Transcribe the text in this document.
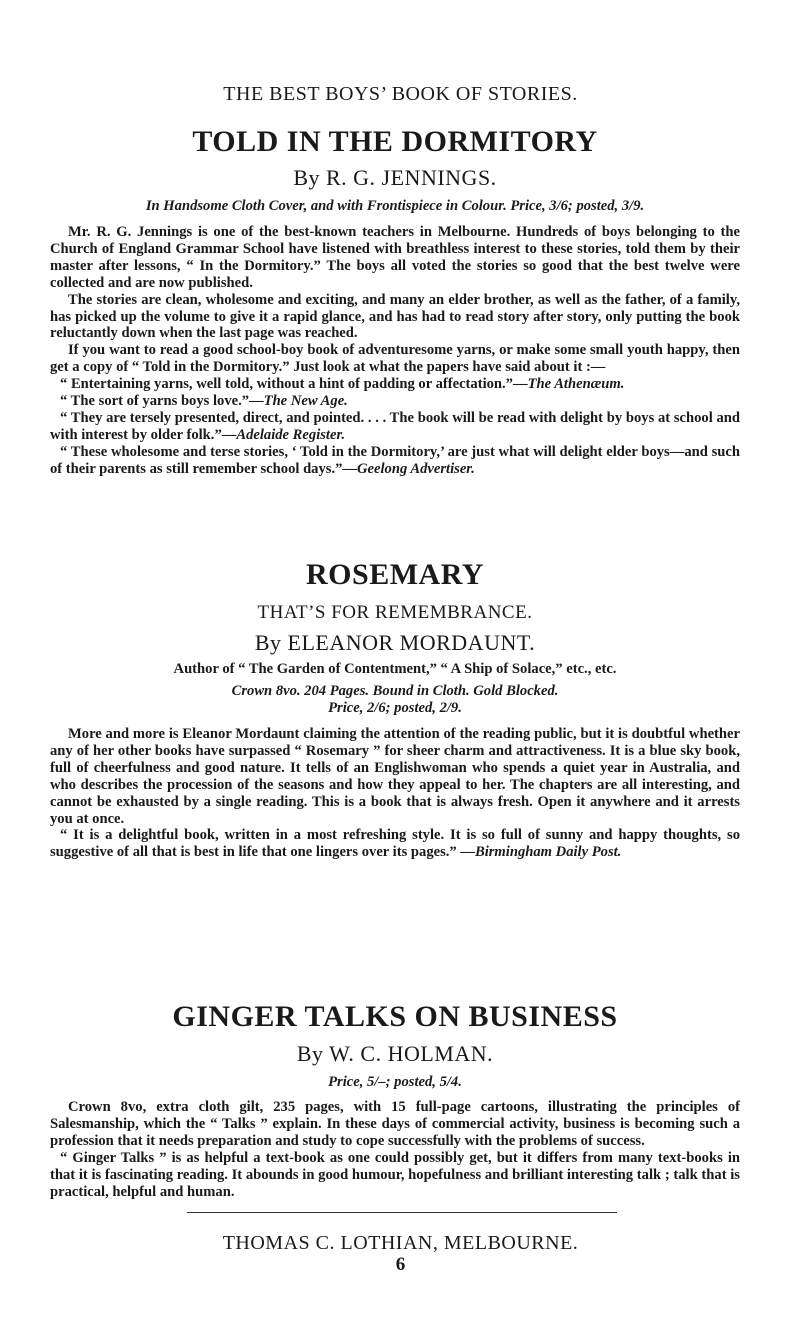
THE BEST BOYS’ BOOK OF STORIES.
TOLD IN THE DORMITORY
By R. G. JENNINGS.
In Handsome Cloth Cover, and with Frontispiece in Colour. Price, 3/6; posted, 3/9.

Mr. R. G. Jennings is one of the best-known teachers in Melbourne. Hundreds of boys belonging to the Church of England Grammar School have listened with breathless interest to these stories, told them by their master after lessons, “ In the Dormitory.” The boys all voted the stories so good that the best twelve were collected and are now published.

The stories are clean, wholesome and exciting, and many an elder brother, as well as the father, of a family, has picked up the volume to give it a rapid glance, and has had to read story after story, only putting the book reluctantly down when the last page was reached.

If you want to read a good school-boy book of adventuresome yarns, or make some small youth happy, then get a copy of “ Told in the Dormitory.” Just look at what the papers have said about it :—

“ Entertaining yarns, well told, without a hint of padding or affectation.”—The Athenæum.

“ The sort of yarns boys love.”—The New Age.

“ They are tersely presented, direct, and pointed. . . . The book will be read with delight by boys at school and with interest by older folk.”—Adelaide Register.

“ These wholesome and terse stories, ‘ Told in the Dormitory,’ are just what will delight elder boys—and such of their parents as still remember school days.”—Geelong Advertiser.

ROSEMARY
THAT’S FOR REMEMBRANCE.
By ELEANOR MORDAUNT.
Author of “ The Garden of Contentment,” “ A Ship of Solace,” etc., etc.
Crown 8vo. 204 Pages. Bound in Cloth. Gold Blocked.
Price, 2/6; posted, 2/9.

More and more is Eleanor Mordaunt claiming the attention of the reading public, but it is doubtful whether any of her other books have surpassed “ Rosemary ” for sheer charm and attractiveness. It is a blue sky book, full of cheerfulness and good nature. It tells of an Englishwoman who spends a quiet year in Australia, and who describes the procession of the seasons and how they appeal to her. The chapters are all interesting, and cannot be exhausted by a single reading. This is a book that is always fresh. Open it anywhere and it arrests you at once.

“ It is a delightful book, written in a most refreshing style. It is so full of sunny and happy thoughts, so suggestive of all that is best in life that one lingers over its pages.” —Birmingham Daily Post.

GINGER TALKS ON BUSINESS
By W. C. HOLMAN.
Price, 5/–; posted, 5/4.

Crown 8vo, extra cloth gilt, 235 pages, with 15 full-page cartoons, illustrating the principles of Salesmanship, which the “ Talks ” explain. In these days of commercial activity, business is becoming such a profession that it needs preparation and study to cope successfully with the problems of success.

“ Ginger Talks ” is as helpful a text-book as one could possibly get, but it differs from many text-books in that it is fascinating reading. It abounds in good humour, hopefulness and brilliant interesting talk ; talk that is practical, helpful and human.

THOMAS C. LOTHIAN, MELBOURNE.
6
